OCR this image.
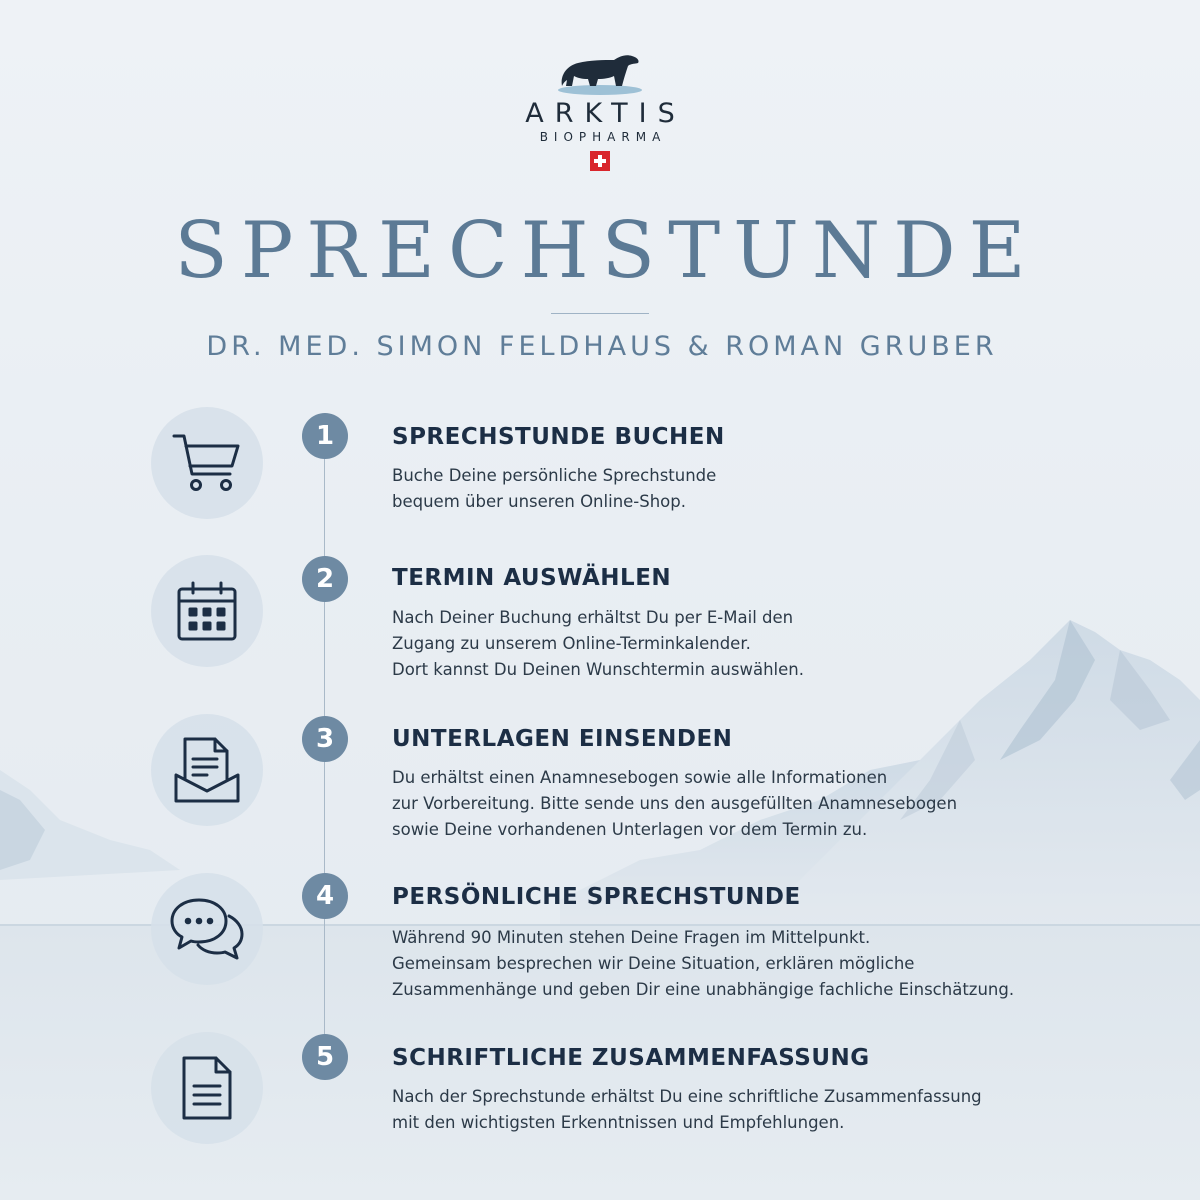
ARKTIS
BIOPHARMA
SPRECHSTUNDE
DR. MED. SIMON FELDHAUS & ROMAN GRUBER
1	SPRECHSTUNDE BUCHEN
Buche Deine persönliche Sprechstunde
bequem über unseren Online-Shop.
2	TERMIN AUSWÄHLEN
Nach Deiner Buchung erhältst Du per E-Mail den
Zugang zu unserem Online-Terminkalender.
Dort kannst Du Deinen Wunschtermin auswählen.
3	UNTERLAGEN EINSENDEN
Du erhältst einen Anamnesebogen sowie alle Informationen
zur Vorbereitung. Bitte sende uns den ausgefüllten Anamnesebogen
sowie Deine vorhandenen Unterlagen vor dem Termin zu.
4	PERSÖNLICHE SPRECHSTUNDE
Während 90 Minuten stehen Deine Fragen im Mittelpunkt.
Gemeinsam besprechen wir Deine Situation, erklären mögliche
Zusammenhänge und geben Dir eine unabhängige fachliche Einschätzung.
5	SCHRIFTLICHE ZUSAMMENFASSUNG
Nach der Sprechstunde erhältst Du eine schriftliche Zusammenfassung
mit den wichtigsten Erkenntnissen und Empfehlungen.
